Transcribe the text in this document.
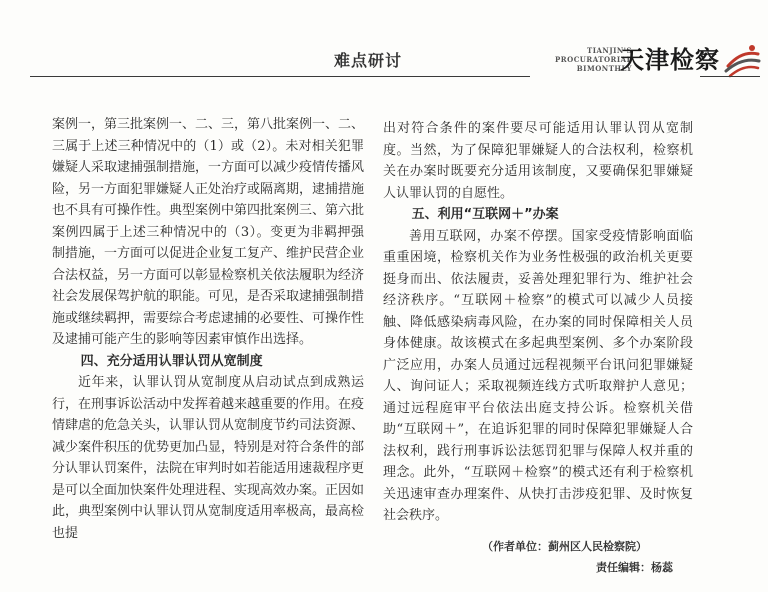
难点研讨
TIANJIN'S
PROCURATORIAL
BIMONTHLY
天津检察

案例一，第三批案例一、二、三，第八批案例一、二、三属于上述三种情况中的（1）或（2）。未对相关犯罪嫌疑人采取逮捕强制措施，一方面可以减少疫情传播风险，另一方面犯罪嫌疑人正处治疗或隔离期，逮捕措施也不具有可操作性。典型案例中第四批案例三、第六批案例四属于上述三种情况中的（3）。变更为非羁押强制措施，一方面可以促进企业复工复产、维护民营企业合法权益，另一方面可以彰显检察机关依法履职为经济社会发展保驾护航的职能。可见，是否采取逮捕强制措施或继续羁押，需要综合考虑逮捕的必要性、可操作性及逮捕可能产生的影响等因素审慎作出选择。

四、充分适用认罪认罚从宽制度

近年来，认罪认罚从宽制度从启动试点到成熟运行，在刑事诉讼活动中发挥着越来越重要的作用。在疫情肆虐的危急关头，认罪认罚从宽制度节约司法资源、减少案件积压的优势更加凸显，特别是对符合条件的部分认罪认罚案件，法院在审判时如若能适用速裁程序更是可以全面加快案件处理进程、实现高效办案。正因如此，典型案例中认罪认罚从宽制度适用率极高，最高检也提

出对符合条件的案件要尽可能适用认罪认罚从宽制度。当然，为了保障犯罪嫌疑人的合法权利，检察机关在办案时既要充分适用该制度，又要确保犯罪嫌疑人认罪认罚的自愿性。

五、利用“互联网＋”办案

善用互联网，办案不停摆。国家受疫情影响面临重重困境，检察机关作为业务性极强的政治机关更要挺身而出、依法履责，妥善处理犯罪行为、维护社会经济秩序。“互联网＋检察”的模式可以减少人员接触、降低感染病毒风险，在办案的同时保障相关人员身体健康。故该模式在多起典型案例、多个办案阶段广泛应用，办案人员通过远程视频平台讯问犯罪嫌疑人、询问证人；采取视频连线方式听取辩护人意见；通过远程庭审平台依法出庭支持公诉。检察机关借助“互联网＋”，在追诉犯罪的同时保障犯罪嫌疑人合法权利，践行刑事诉讼法惩罚犯罪与保障人权并重的理念。此外，“互联网＋检察”的模式还有利于检察机关迅速审查办理案件、从快打击涉疫犯罪、及时恢复社会秩序。

（作者单位：蓟州区人民检察院）
责任编辑：杨蕊
